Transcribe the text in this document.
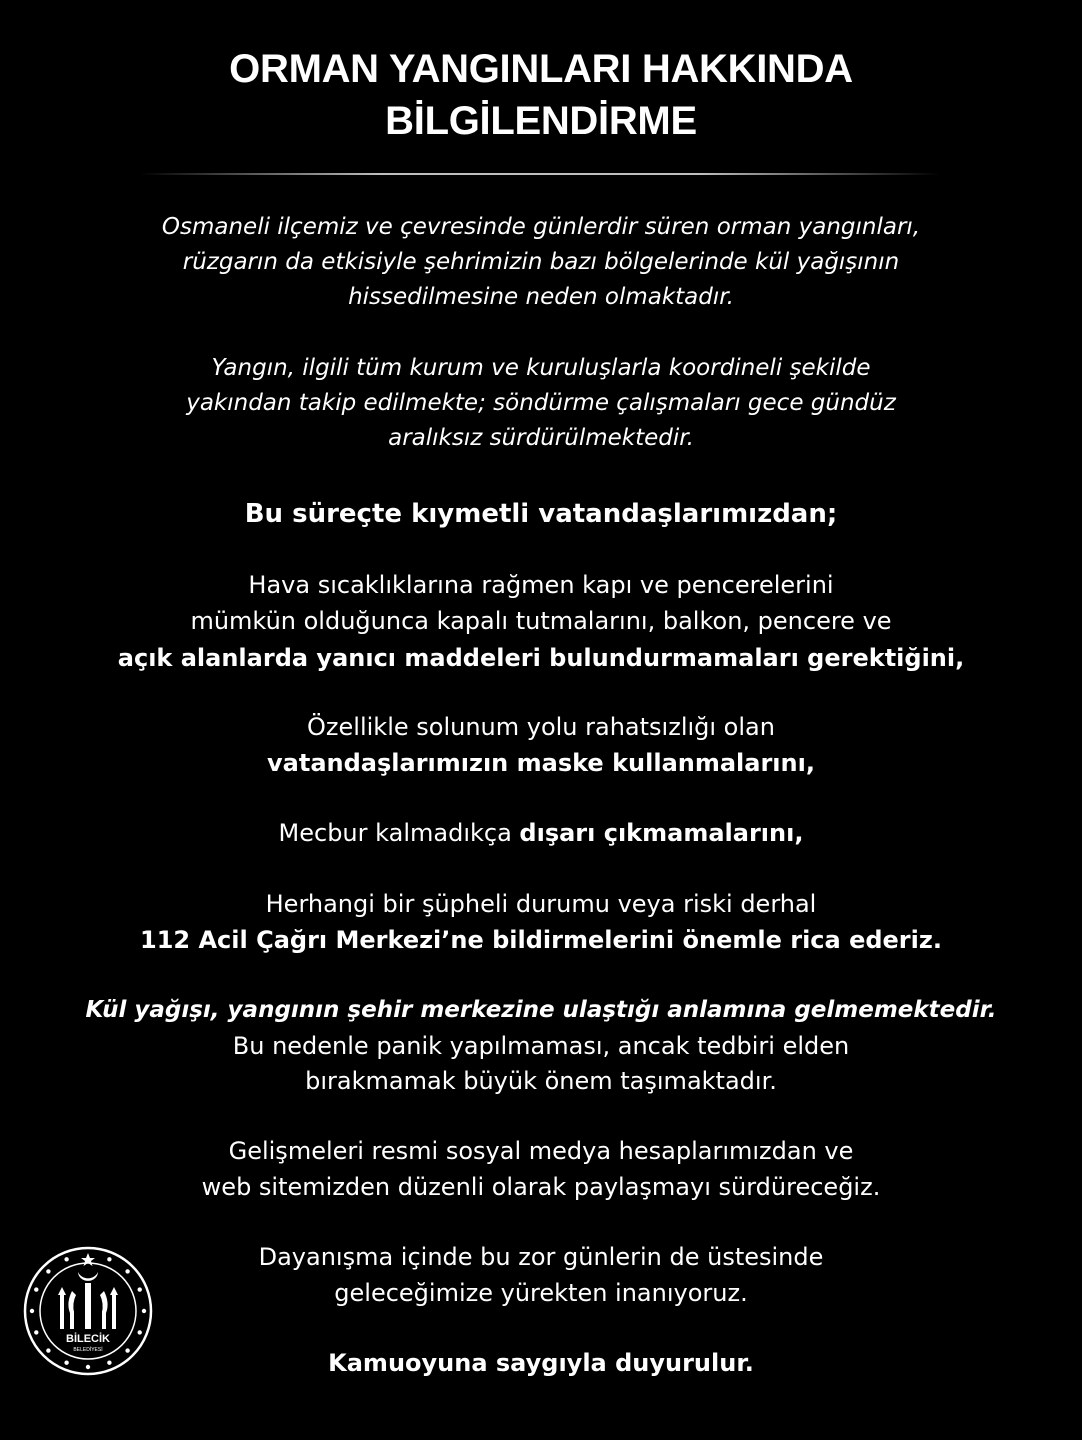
ORMAN YANGINLARI HAKKINDA
BİLGİLENDİRME
Osmaneli ilçemiz ve çevresinde günlerdir süren orman yangınları,
rüzgarın da etkisiyle şehrimizin bazı bölgelerinde kül yağışının
hissedilmesine neden olmaktadır.
Yangın, ilgili tüm kurum ve kuruluşlarla koordineli şekilde
yakından takip edilmekte; söndürme çalışmaları gece gündüz
aralıksız sürdürülmektedir.
Bu süreçte kıymetli vatandaşlarımızdan;
Hava sıcaklıklarına rağmen kapı ve pencerelerini
mümkün olduğunca kapalı tutmalarını, balkon, pencere ve
açık alanlarda yanıcı maddeleri bulundurmamaları gerektiğini,
Özellikle solunum yolu rahatsızlığı olan
vatandaşlarımızın maske kullanmalarını,
Mecbur kalmadıkça dışarı çıkmamalarını,
Herhangi bir şüpheli durumu veya riski derhal
112 Acil Çağrı Merkezi’ne bildirmelerini önemle rica ederiz.
Kül yağışı, yangının şehir merkezine ulaştığı anlamına gelmemektedir.
Bu nedenle panik yapılmaması, ancak tedbiri elden
bırakmamak büyük önem taşımaktadır.
Gelişmeleri resmi sosyal medya hesaplarımızdan ve
web sitemizden düzenli olarak paylaşmayı sürdüreceğiz.
Dayanışma içinde bu zor günlerin de üstesinde
geleceğimize yürekten inanıyoruz.
Kamuoyuna saygıyla duyurulur.
BİLECİK
BELEDİYESİ
